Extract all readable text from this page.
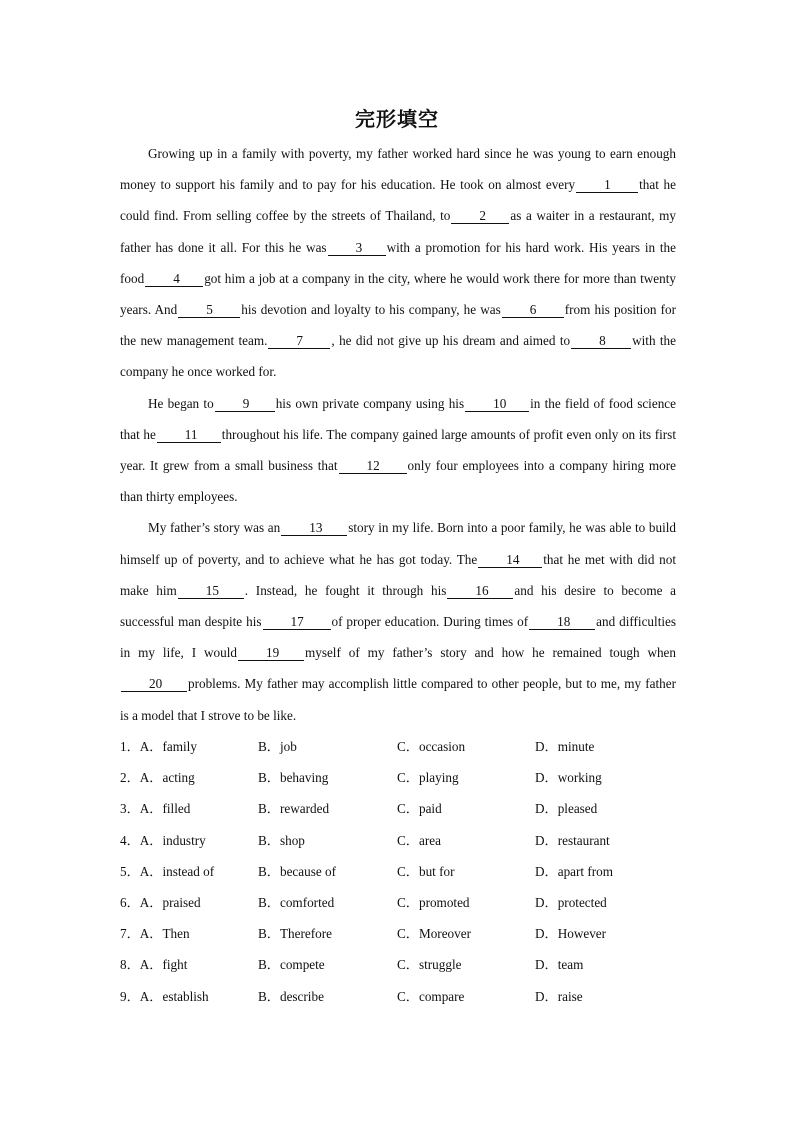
完形填空

Growing up in a family with poverty, my father worked hard since he was young to earn enough money to support his family and to pay for his education. He took on almost every 1 that he could find. From selling coffee by the streets of Thailand, to 2 as a waiter in a restaurant, my father has done it all. For this he was 3 with a promotion for his hard work. His years in the food 4 got him a job at a company in the city, where he would work there for more than twenty years. And 5 his devotion and loyalty to his company, he was 6 from his position for the new management team. 7 , he did not give up his dream and aimed to 8 with the company he once worked for.

He began to 9 his own private company using his 10 in the field of food science that he 11 throughout his life. The company gained large amounts of profit even only on its first year. It grew from a small business that 12 only four employees into a company hiring more than thirty employees.

My father’s story was an 13 story in my life. Born into a poor family, he was able to build himself up of poverty, and to achieve what he has got today. The 14 that he met with did not make him 15 . Instead, he fought it through his 16 and his desire to become a successful man despite his 17 of proper education. During times of 18 and difficulties in my life, I would 19 myself of my father’s story and how he remained tough when20 problems. My father may accomplish little compared to other people, but to me, my father is a model that I strove to be like.

1．A．family	B．job	C．occasion	D．minute
2．A．acting	B．behaving	C．playing	D．working
3．A．filled	B．rewarded	C．paid	D．pleased
4．A．industry	B．shop	C．area	D．restaurant
5．A．instead of	B．because of	C．but for	D．apart from
6．A．praised	B．comforted	C．promoted	D．protected
7．A．Then	B．Therefore	C．Moreover	D．However
8．A．fight	B．compete	C．struggle	D．team
9．A．establish	B．describe	C．compare	D．raise
